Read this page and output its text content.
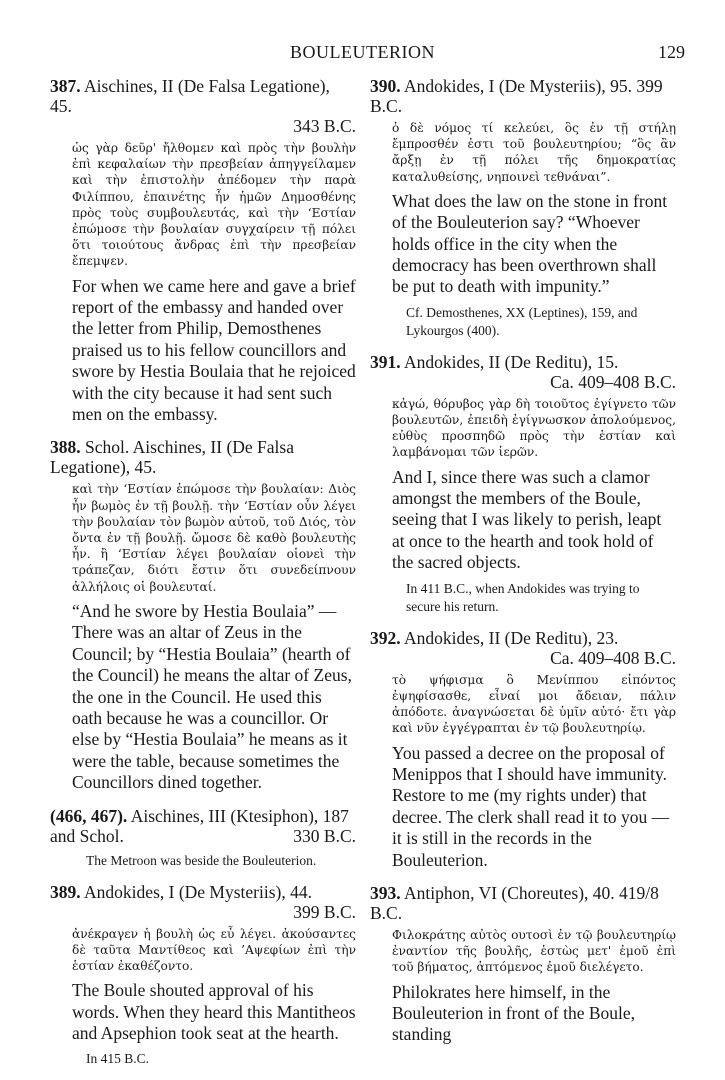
BOULEUTERION	129
387. Aischines, II (De Falsa Legatione), 45.
343 B.C.
ὡς γὰρ δεῦρ' ἤλθομεν καὶ πρὸς τὴν βουλὴν ἐπὶ κεφαλαίων τὴν πρεσβείαν ἀπηγγείλαμεν καὶ τὴν ἐπιστολὴν ἀπέδομεν τὴν παρὰ Φιλίππου, ἐπαινέτης ἦν ἡμῶν Δημοσθένης πρὸς τοὺς συμβουλευτάς, καὶ τὴν ‘Εστίαν ἐπώμοσε τὴν βουλαίαν συγχαίρειν τῇ πόλει ὅτι τοιούτους ἄνδρας ἐπὶ τὴν πρεσβείαν ἔπεμψεν.
For when we came here and gave a brief report of the embassy and handed over the letter from Philip, Demosthenes praised us to his fellow councillors and swore by Hestia Boulaia that he rejoiced with the city because it had sent such men on the embassy.
388. Schol. Aischines, II (De Falsa Legatione), 45.
καὶ τὴν ‘Εστίαν ἐπώμοσε τὴν βουλαίαν: Διὸς ἦν βωμὸς ἐν τῇ βουλῇ. τὴν ‘Εστίαν οὖν λέγει τὴν βουλαίαν τὸν βωμὸν αὐτοῦ, τοῦ Διός, τὸν ὄντα ἐν τῇ βουλῇ. ὤμοσε δὲ καθὸ βουλευτὴς ἦν. ἢ ‘Εστίαν λέγει βουλαίαν οἱονεὶ τὴν τράπεζαν, διότι ἔστιν ὅτι συνεδείπνουν ἀλλήλοις οἱ βουλευταί.
“And he swore by Hestia Boulaia” — There was an altar of Zeus in the Council; by “Hestia Boulaia” (hearth of the Council) he means the altar of Zeus, the one in the Council. He used this oath because he was a councillor. Or else by “Hestia Boulaia” he means as it were the table, because sometimes the Councillors dined together.
(466, 467). Aischines, III (Ktesiphon), 187 and Schol.	330 B.C.
The Metroon was beside the Bouleuterion.
389. Andokides, I (De Mysteriis), 44.
399 B.C.
ἀνέκραγεν ἡ βουλὴ ὡς εὖ λέγει. ἀκούσαντες δὲ ταῦτα Μαντίθεος καὶ ’Αψεφίων ἐπὶ τὴν ἑστίαν ἐκαθέζοντο.
The Boule shouted approval of his words. When they heard this Mantitheos and Apsephion took seat at the hearth.
In 415 B.C.
390. Andokides, I (De Mysteriis), 95. 399 B.C.
ὁ δὲ νόμος τί κελεύει, ὃς ἐν τῇ στήλῃ ἔμπροσθέν ἐστι τοῦ βουλευτηρίου; “ὃς ἂν ἄρξῃ ἐν τῇ πόλει τῆς δημοκρατίας καταλυθείσης, νηποινεὶ τεθνάναι”.
What does the law on the stone in front of the Bouleuterion say? “Whoever holds office in the city when the democracy has been overthrown shall be put to death with impunity.”
Cf. Demosthenes, XX (Leptines), 159, and Lykourgos (400).
391. Andokides, II (De Reditu), 15.
Ca. 409–408 B.C.
κἀγώ, θόρυβος γὰρ δὴ τοιοῦτος ἐγίγνετο τῶν βουλευτῶν, ἐπειδὴ ἐγίγνωσκον ἀπολούμενος, εὐθὺς προσπηδῶ πρὸς τὴν ἑστίαν καὶ λαμβάνομαι τῶν ἱερῶν.
And I, since there was such a clamor amongst the members of the Boule, seeing that I was likely to perish, leapt at once to the hearth and took hold of the sacred objects.
In 411 B.C., when Andokides was trying to secure his return.
392. Andokides, II (De Reditu), 23.
Ca. 409–408 B.C.
τὸ ψήφισμα ὃ Μενίππου εἰπόντος ἐψηφίσασθε, εἶναί μοι ἄδειαν, πάλιν ἀπόδοτε. ἀναγνώσεται δὲ ὑμῖν αὐτό· ἔτι γὰρ καὶ νῦν ἐγγέγραπται ἐν τῷ βουλευτηρίῳ.
You passed a decree on the proposal of Menippos that I should have immunity. Restore to me (my rights under) that decree. The clerk shall read it to you — it is still in the records in the Bouleuterion.
393. Antiphon, VI (Choreutes), 40. 419/8 B.C.
Φιλοκράτης αὐτὸς ουτοσὶ ἐν τῷ βουλευτηρίῳ ἐναντίον τῆς βουλῆς, ἑστὼς μετ' ἐμοῦ ἐπὶ τοῦ βήματος, ἁπτόμενος ἐμοῦ διελέγετο.
Philokrates here himself, in the Bouleuterion in front of the Boule, standing
